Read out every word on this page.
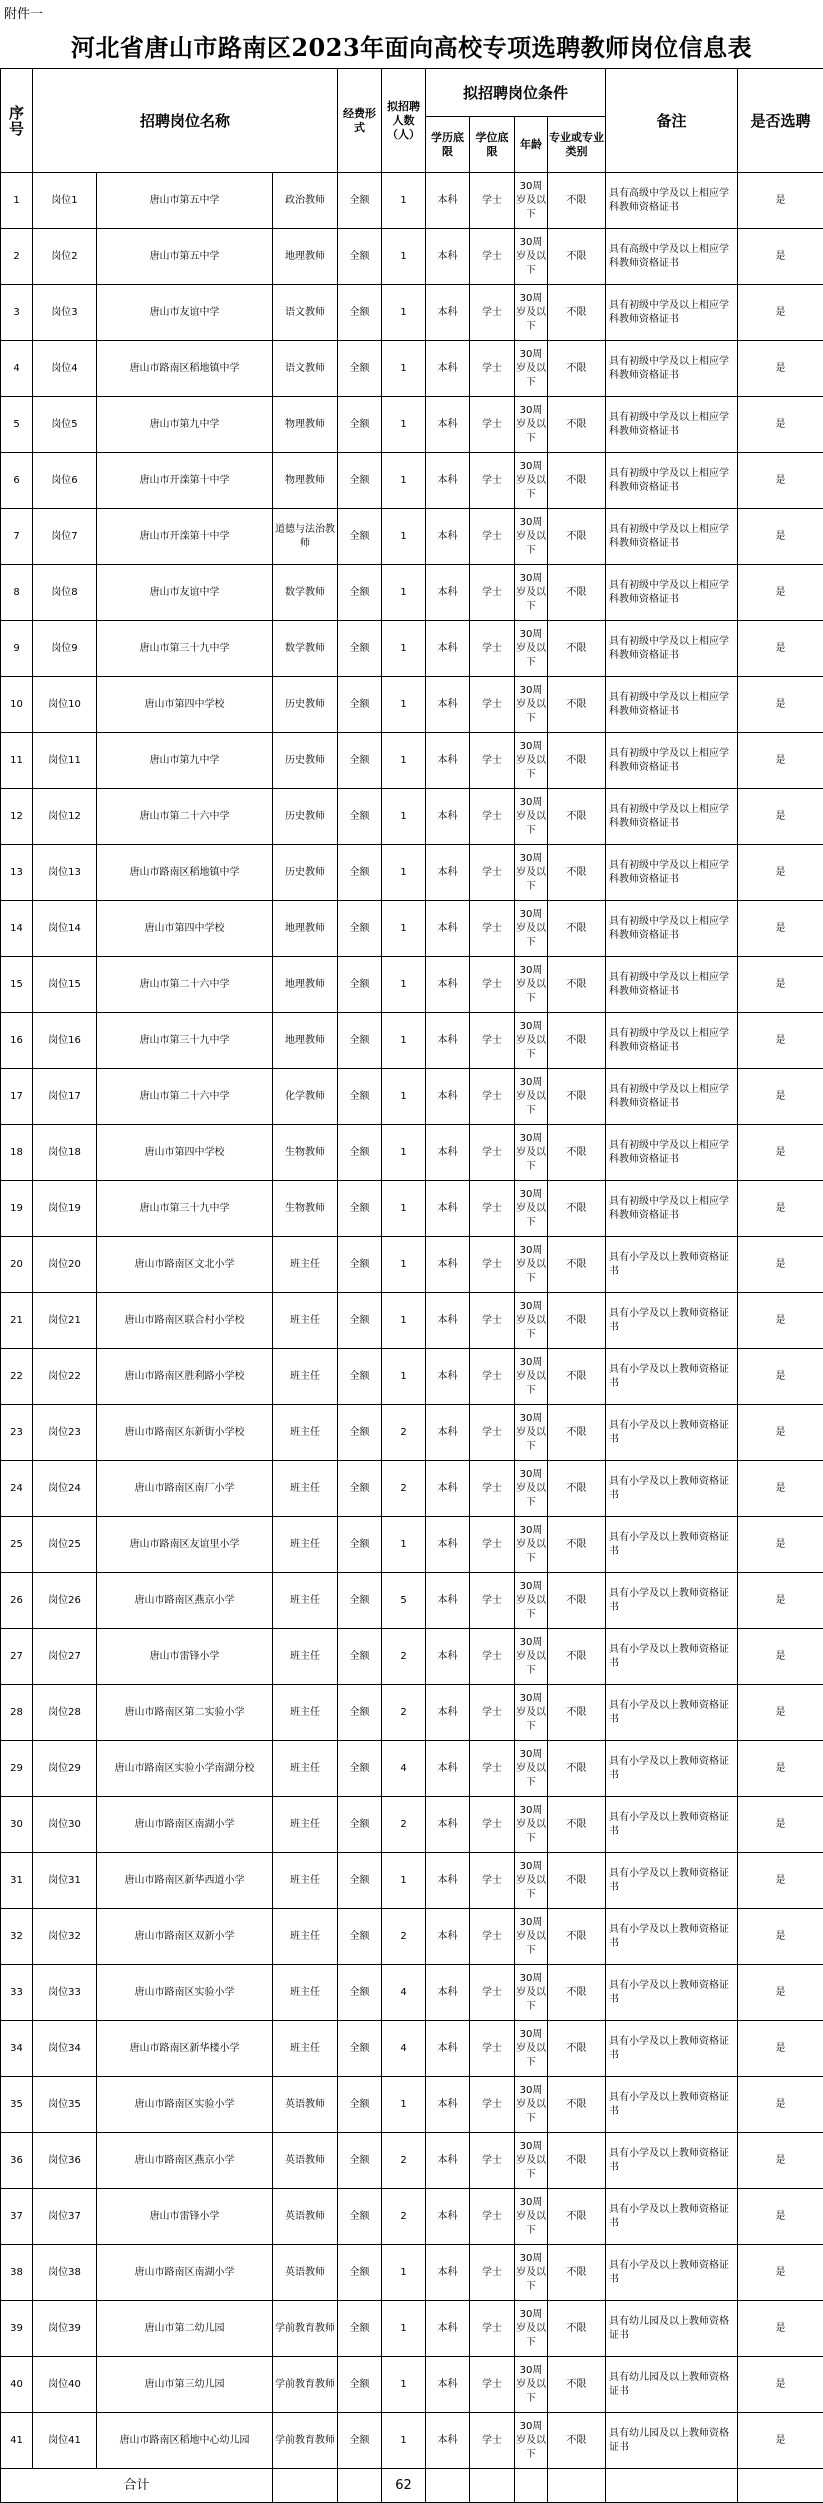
附件一
河北省唐山市路南区2023年面向高校专项选聘教师岗位信息表
序号	招聘岗位名称			经费形式	拟招聘人数（人）	拟招聘岗位条件				备注	是否选聘
						学历底限	学位底限	年龄	专业或专业类别		
1	岗位1	唐山市第五中学	政治教师	全额	1	本科	学士	30周岁及以下	不限	具有高级中学及以上相应学科教师资格证书	是
2	岗位2	唐山市第五中学	地理教师	全额	1	本科	学士	30周岁及以下	不限	具有高级中学及以上相应学科教师资格证书	是
3	岗位3	唐山市友谊中学	语文教师	全额	1	本科	学士	30周岁及以下	不限	具有初级中学及以上相应学科教师资格证书	是
4	岗位4	唐山市路南区稻地镇中学	语文教师	全额	1	本科	学士	30周岁及以下	不限	具有初级中学及以上相应学科教师资格证书	是
5	岗位5	唐山市第九中学	物理教师	全额	1	本科	学士	30周岁及以下	不限	具有初级中学及以上相应学科教师资格证书	是
6	岗位6	唐山市开滦第十中学	物理教师	全额	1	本科	学士	30周岁及以下	不限	具有初级中学及以上相应学科教师资格证书	是
7	岗位7	唐山市开滦第十中学	道德与法治教师	全额	1	本科	学士	30周岁及以下	不限	具有初级中学及以上相应学科教师资格证书	是
8	岗位8	唐山市友谊中学	数学教师	全额	1	本科	学士	30周岁及以下	不限	具有初级中学及以上相应学科教师资格证书	是
9	岗位9	唐山市第三十九中学	数学教师	全额	1	本科	学士	30周岁及以下	不限	具有初级中学及以上相应学科教师资格证书	是
10	岗位10	唐山市第四中学校	历史教师	全额	1	本科	学士	30周岁及以下	不限	具有初级中学及以上相应学科教师资格证书	是
11	岗位11	唐山市第九中学	历史教师	全额	1	本科	学士	30周岁及以下	不限	具有初级中学及以上相应学科教师资格证书	是
12	岗位12	唐山市第二十六中学	历史教师	全额	1	本科	学士	30周岁及以下	不限	具有初级中学及以上相应学科教师资格证书	是
13	岗位13	唐山市路南区稻地镇中学	历史教师	全额	1	本科	学士	30周岁及以下	不限	具有初级中学及以上相应学科教师资格证书	是
14	岗位14	唐山市第四中学校	地理教师	全额	1	本科	学士	30周岁及以下	不限	具有初级中学及以上相应学科教师资格证书	是
15	岗位15	唐山市第二十六中学	地理教师	全额	1	本科	学士	30周岁及以下	不限	具有初级中学及以上相应学科教师资格证书	是
16	岗位16	唐山市第三十九中学	地理教师	全额	1	本科	学士	30周岁及以下	不限	具有初级中学及以上相应学科教师资格证书	是
17	岗位17	唐山市第二十六中学	化学教师	全额	1	本科	学士	30周岁及以下	不限	具有初级中学及以上相应学科教师资格证书	是
18	岗位18	唐山市第四中学校	生物教师	全额	1	本科	学士	30周岁及以下	不限	具有初级中学及以上相应学科教师资格证书	是
19	岗位19	唐山市第三十九中学	生物教师	全额	1	本科	学士	30周岁及以下	不限	具有初级中学及以上相应学科教师资格证书	是
20	岗位20	唐山市路南区文北小学	班主任	全额	1	本科	学士	30周岁及以下	不限	具有小学及以上教师资格证书	是
21	岗位21	唐山市路南区联合村小学校	班主任	全额	1	本科	学士	30周岁及以下	不限	具有小学及以上教师资格证书	是
22	岗位22	唐山市路南区胜利路小学校	班主任	全额	1	本科	学士	30周岁及以下	不限	具有小学及以上教师资格证书	是
23	岗位23	唐山市路南区东新街小学校	班主任	全额	2	本科	学士	30周岁及以下	不限	具有小学及以上教师资格证书	是
24	岗位24	唐山市路南区南厂小学	班主任	全额	2	本科	学士	30周岁及以下	不限	具有小学及以上教师资格证书	是
25	岗位25	唐山市路南区友谊里小学	班主任	全额	1	本科	学士	30周岁及以下	不限	具有小学及以上教师资格证书	是
26	岗位26	唐山市路南区燕京小学	班主任	全额	5	本科	学士	30周岁及以下	不限	具有小学及以上教师资格证书	是
27	岗位27	唐山市雷锋小学	班主任	全额	2	本科	学士	30周岁及以下	不限	具有小学及以上教师资格证书	是
28	岗位28	唐山市路南区第二实验小学	班主任	全额	2	本科	学士	30周岁及以下	不限	具有小学及以上教师资格证书	是
29	岗位29	唐山市路南区实验小学南湖分校	班主任	全额	4	本科	学士	30周岁及以下	不限	具有小学及以上教师资格证书	是
30	岗位30	唐山市路南区南湖小学	班主任	全额	2	本科	学士	30周岁及以下	不限	具有小学及以上教师资格证书	是
31	岗位31	唐山市路南区新华西道小学	班主任	全额	1	本科	学士	30周岁及以下	不限	具有小学及以上教师资格证书	是
32	岗位32	唐山市路南区双新小学	班主任	全额	2	本科	学士	30周岁及以下	不限	具有小学及以上教师资格证书	是
33	岗位33	唐山市路南区实验小学	班主任	全额	4	本科	学士	30周岁及以下	不限	具有小学及以上教师资格证书	是
34	岗位34	唐山市路南区新华楼小学	班主任	全额	4	本科	学士	30周岁及以下	不限	具有小学及以上教师资格证书	是
35	岗位35	唐山市路南区实验小学	英语教师	全额	1	本科	学士	30周岁及以下	不限	具有小学及以上教师资格证书	是
36	岗位36	唐山市路南区燕京小学	英语教师	全额	2	本科	学士	30周岁及以下	不限	具有小学及以上教师资格证书	是
37	岗位37	唐山市雷锋小学	英语教师	全额	2	本科	学士	30周岁及以下	不限	具有小学及以上教师资格证书	是
38	岗位38	唐山市路南区南湖小学	英语教师	全额	1	本科	学士	30周岁及以下	不限	具有小学及以上教师资格证书	是
39	岗位39	唐山市第二幼儿园	学前教育教师	全额	1	本科	学士	30周岁及以下	不限	具有幼儿园及以上教师资格证书	是
40	岗位40	唐山市第三幼儿园	学前教育教师	全额	1	本科	学士	30周岁及以下	不限	具有幼儿园及以上教师资格证书	是
41	岗位41	唐山市路南区稻地中心幼儿园	学前教育教师	全额	1	本科	学士	30周岁及以下	不限	具有幼儿园及以上教师资格证书	是
合计					62						
